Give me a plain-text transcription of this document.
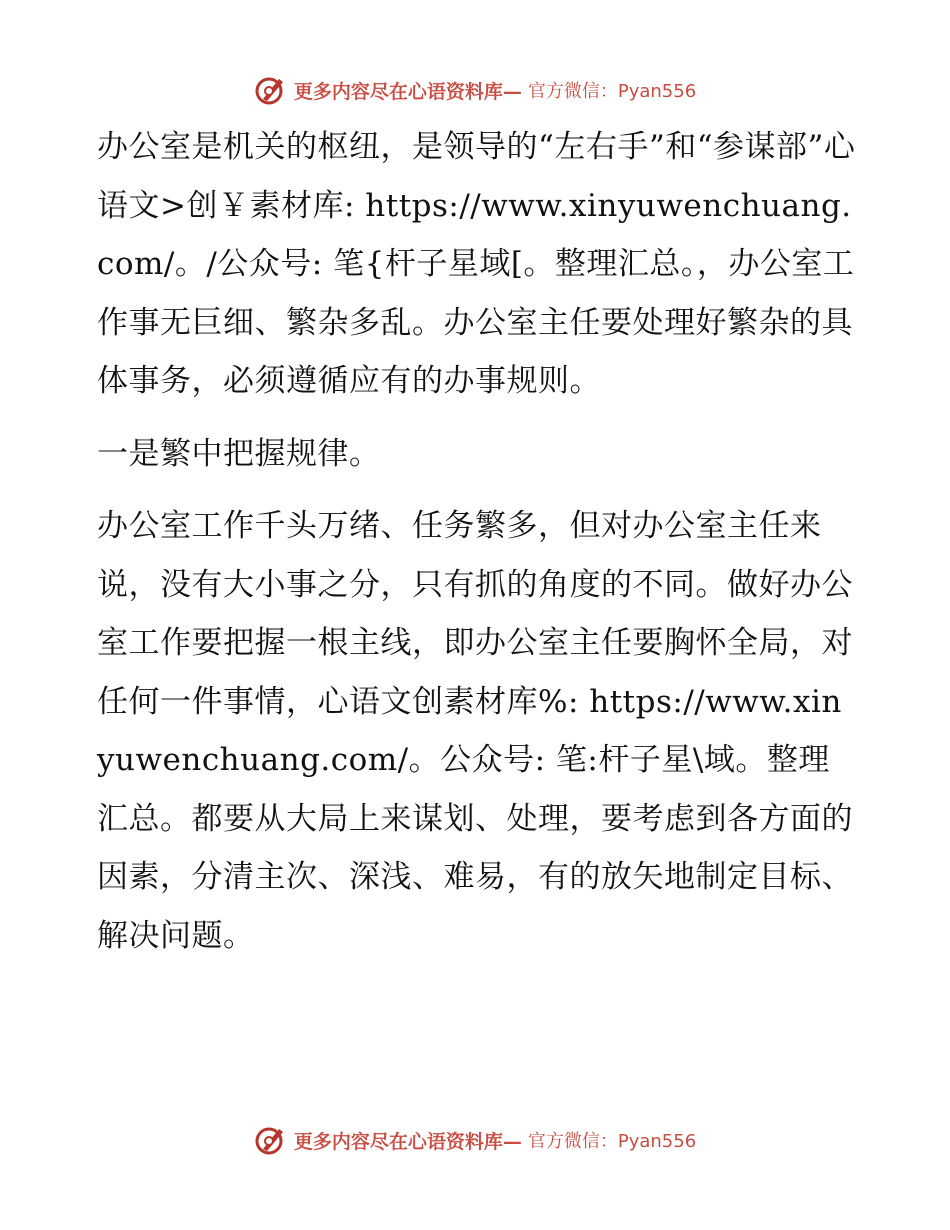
更多内容尽在心语资料库— 官方微信：Pyan556

办公室是机关的枢纽，是领导的“左右手”和“参谋部”心语文>创￥素材库: https://www.xinyuwenchuang.com/。/公众号: 笔{杆子星域[。整理汇总。，办公室工作事无巨细、繁杂多乱。办公室主任要处理好繁杂的具体事务，必须遵循应有的办事规则。

一是繁中把握规律。

办公室工作千头万绪、任务繁多，但对办公室主任来说，没有大小事之分，只有抓的角度的不同。做好办公室工作要把握一根主线，即办公室主任要胸怀全局，对任何一件事情，心语文创素材库%: https://www.xinyuwenchuang.com/。公众号: 笔:杆子星\域。整理汇总。都要从大局上来谋划、处理，要考虑到各方面的因素，分清主次、深浅、难易，有的放矢地制定目标、解决问题。

更多内容尽在心语资料库— 官方微信：Pyan556
